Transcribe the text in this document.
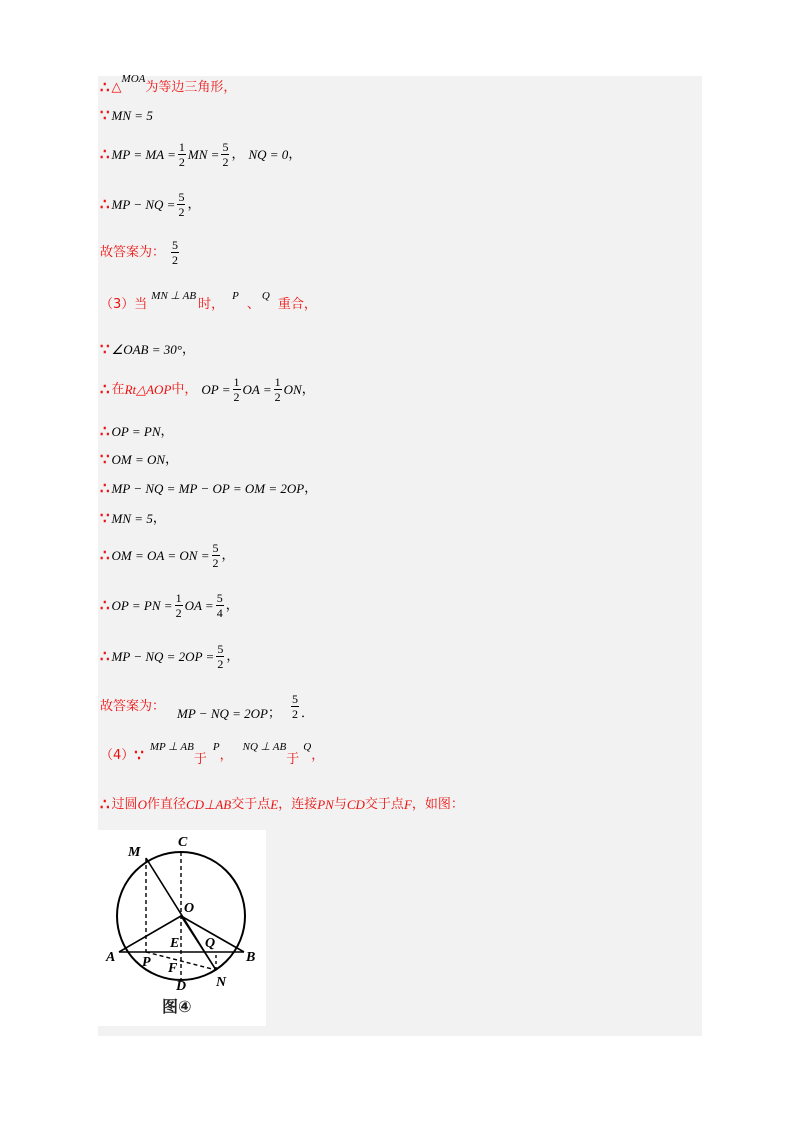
∴ △
MOA
为等边三角形，
∵ MN = 5
∴ MP = MA = $\frac{1}{2}$ MN = $\frac{5}{2}$ ， NQ = 0 ，
∴ MP − NQ = $\frac{5}{2}$ ，
故答案为： $\frac{5}{2}$
（3）当
MN ⊥ AB
时，
P
、
Q
重合，
∵ ∠OAB = 30° ，
∴ 在 Rt△AOP 中， OP = $\frac{1}{2}$ OA = $\frac{1}{2}$ ON ，
∴ OP = PN ，
∵ OM = ON ，
∴ MP − NQ = MP − OP = OM = 2OP ，
∵ MN = 5 ，
∴ OM = OA = ON = $\frac{5}{2}$ ，
∴ OP = PN = $\frac{1}{2}$ OA = $\frac{5}{4}$ ，
∴ MP − NQ = $2OP = \frac{5}{2}$ ，
故答案为： MP − NQ = 2OP ； $\frac{5}{2}$ ．
（4） ∵ MP ⊥ AB
于
P
，
NQ ⊥ AB
于
Q
，
∴ 过圆 O 作直径 CD⊥AB 交于点 E ，连接 PN 与 CD 交于点 F ，如图：
M
C
O
E Q
A	B
P F
D N
图④
